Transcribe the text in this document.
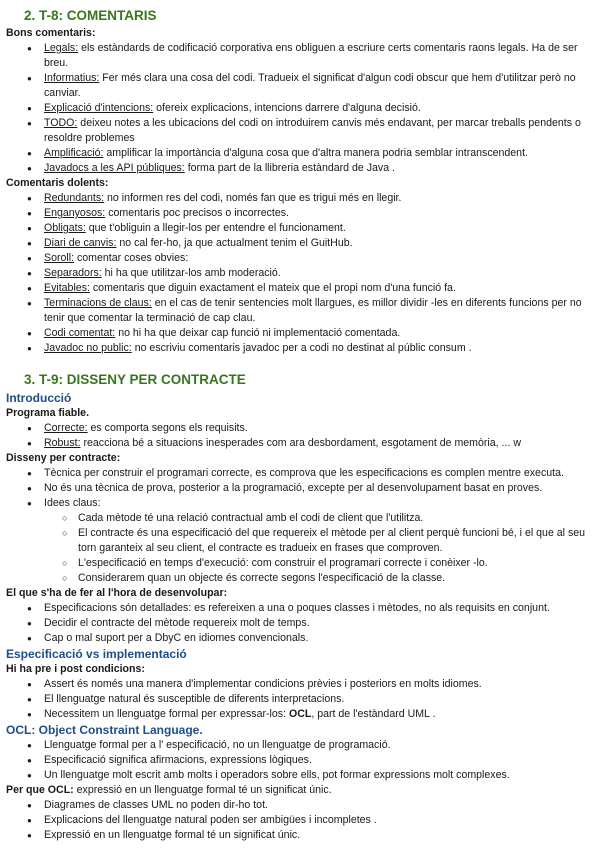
2. T-8: COMENTARIS

Bons comentaris:

● Legals: els estàndards de codificació corporativa ens obliguen a escriure certs comentaris raons legals. Ha de ser breu.
● Informatius: Fer més clara una cosa del codi. Tradueix el significat d'algun codi obscur que hem d'utilitzar però no canviar.
● Explicació d'intencions: ofereix explicacions, intencions darrere d'alguna decisió.
● TODO: deixeu notes a les ubicacions del codi on introduirem canvis més endavant, per marcar treballs pendents o resoldre problemes
● Amplificació: amplificar la importància d'alguna cosa que d'altra manera podria semblar intranscendent.
● Javadocs a les API públiques: forma part de la llibreria estàndard de Java .

Comentaris dolents:

● Redundants: no informen res del codi, només fan que es trigui més en llegir.
● Enganyosos: comentaris poc precisos o incorrectes.
● Obligats: que t'obliguin a llegir-los per entendre el funcionament.
● Diari de canvis: no cal fer-ho, ja que actualment tenim el GuitHub.
● Soroll: comentar coses obvies:
● Separadors: hi ha que utilitzar-los amb moderació.
● Evitables: comentaris que diguin exactament el mateix que el propi nom d'una funció fa.
● Terminacions de claus: en el cas de tenir sentencies molt llargues, es millor dividir -les en diferents funcions per no tenir que comentar la terminació de cap clau.
● Codi comentat: no hi ha que deixar cap funció ni implementació comentada.
● Javadoc no public: no escriviu comentaris javadoc per a codi no destinat al públic consum .
3. T-9: DISSENY PER CONTRACTE
Introducció

Programa fiable.

● Correcte: es comporta segons els requisits.
● Robust: reacciona bé a situacions inesperades com ara desbordament, esgotament de memòria, ... w

Disseny per contracte:

● Tècnica per construir el programari correcte, es comprova que les especificacions es complen mentre executa.
● No és una tècnica de prova, posterior a la programació, excepte per al desenvolupament basat en proves.
● Idees claus:
○ Cada mètode té una relació contractual amb el codi de client que l'utilitza.
○ El contracte és una especificació del que requereix el mètode per al client perquè funcioni bé, i el que al seu torn garanteix al seu client, el contracte es tradueix en frases que comproven.
○ L'especificació en temps d'execució: com construir el programari correcte i conèixer -lo.
○ Considerarem quan un objecte és correcte segons l'especificació de la classe.

El que s'ha de fer al l'hora de desenvolupar:

● Especificacions són detallades: es refereixen a una o poques classes i mètodes, no als requisits en conjunt.
● Decidir el contracte del mètode requereix molt de temps.
● Cap o mal suport per a DbyC en idiomes convencionals.
Especificació vs implementació

Hi ha pre i post condicions:

● Assert és només una manera d'implementar condicions prèvies i posteriors en molts idiomes.
● El llenguatge natural és susceptible de diferents interpretacions.
● Necessitem un llenguatge formal per expressar-los: OCL, part de l'estàndard UML .
OCL: Object Constraint Language.
● Llenguatge formal per a l' especificació, no un llenguatge de programació.
● Especificació significa afirmacions, expressions lògiques.
● Un llenguatge molt escrit amb molts i operadors sobre ells, pot formar expressions molt complexes.

Per que OCL: expressió en un llenguatge formal té un significat únic.

● Diagrames de classes UML no poden dir-ho tot.
● Explicacions del llenguatge natural poden ser ambigües i incompletes .
● Expressió en un llenguatge formal té un significat únic.
